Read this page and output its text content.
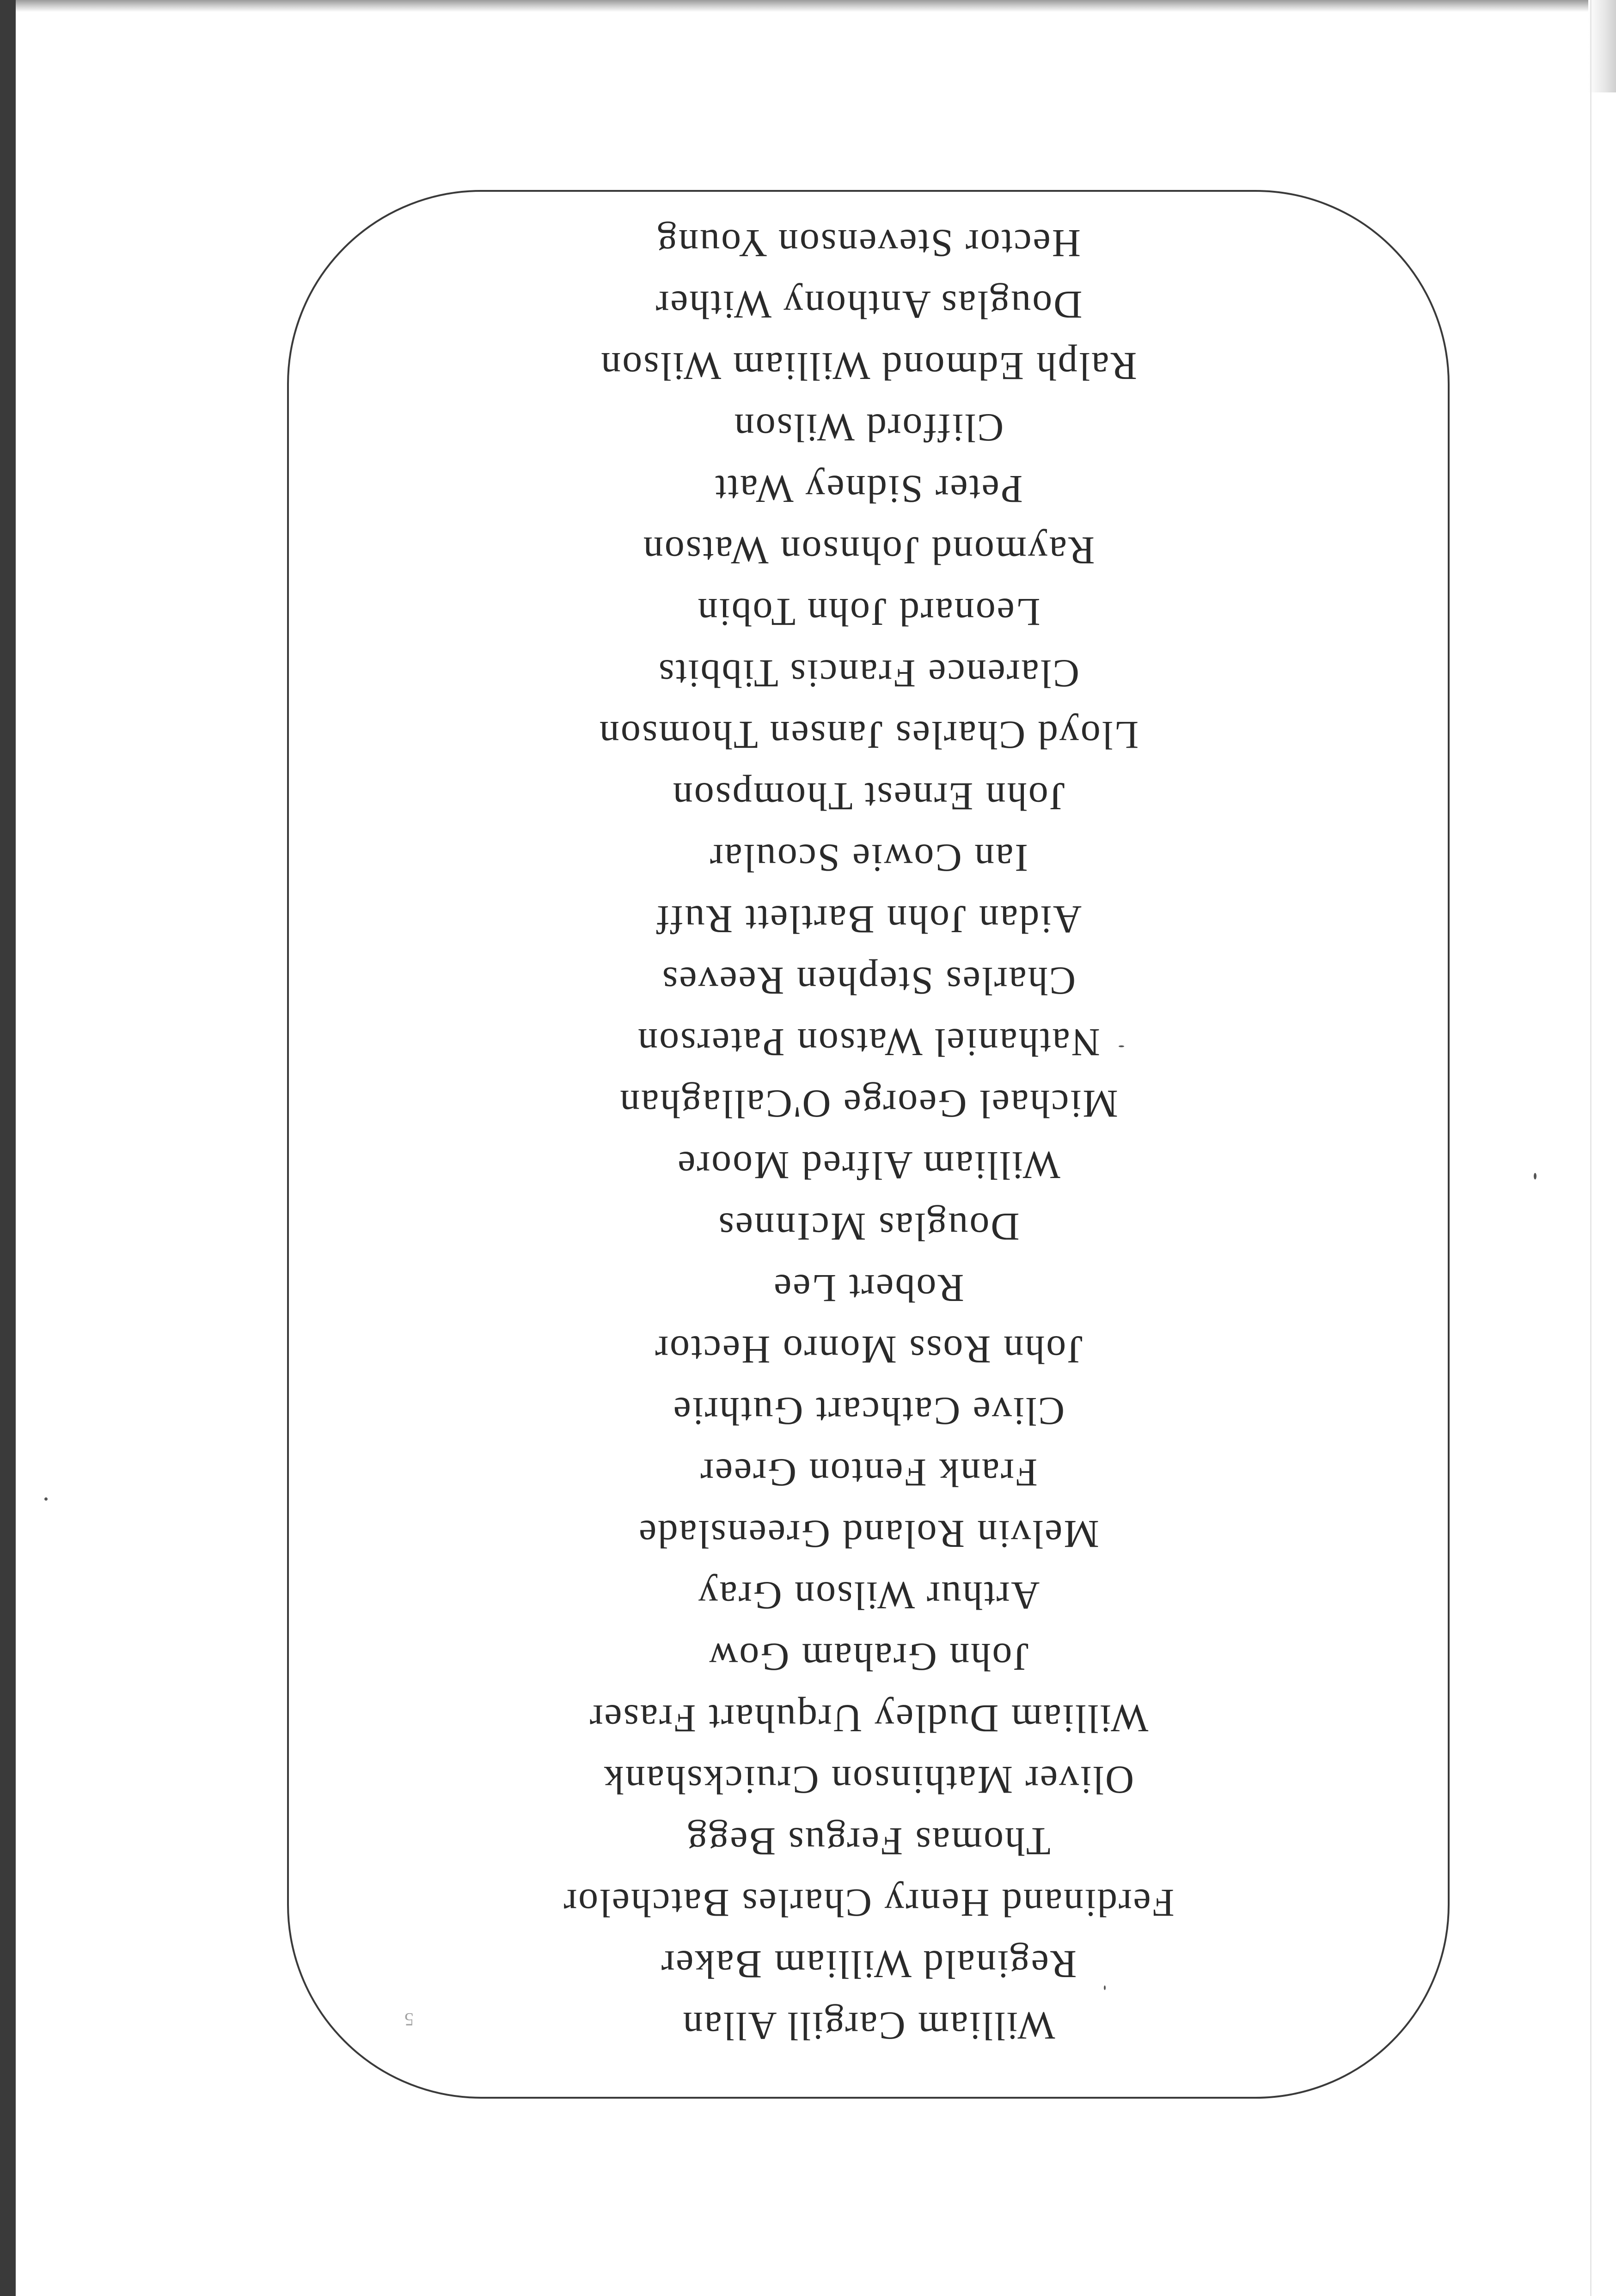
William Cargill Allan
Reginald William Baker
Ferdinand Henry Charles Batchelor
Thomas Fergus Begg
Oliver Mathinson Cruickshank
William Dudley Urquhart Fraser
John Graham Gow
Arthur Wilson Gray
Melvin Roland Greenslade
Frank Fenton Greer
Clive Cathcart Guthrie
John Ross Monro Hector
Robert Lee
Douglas McInnes
William Alfred Moore
Michael George O'Callaghan
Nathaniel Watson Paterson
Charles Stephen Reeves
Aidan John Bartlett Ruff
Ian Cowie Scoular
John Ernest Thompson
Lloyd Charles Jansen Thomson
Clarence Francis Tibbits
Leonard John Tobin
Raymond Johnson Watson
Peter Sidney Watt
Clifford Wilson
Ralph Edmond William Wilson
Douglas Anthony Wither
Hector Stevenson Young
5
